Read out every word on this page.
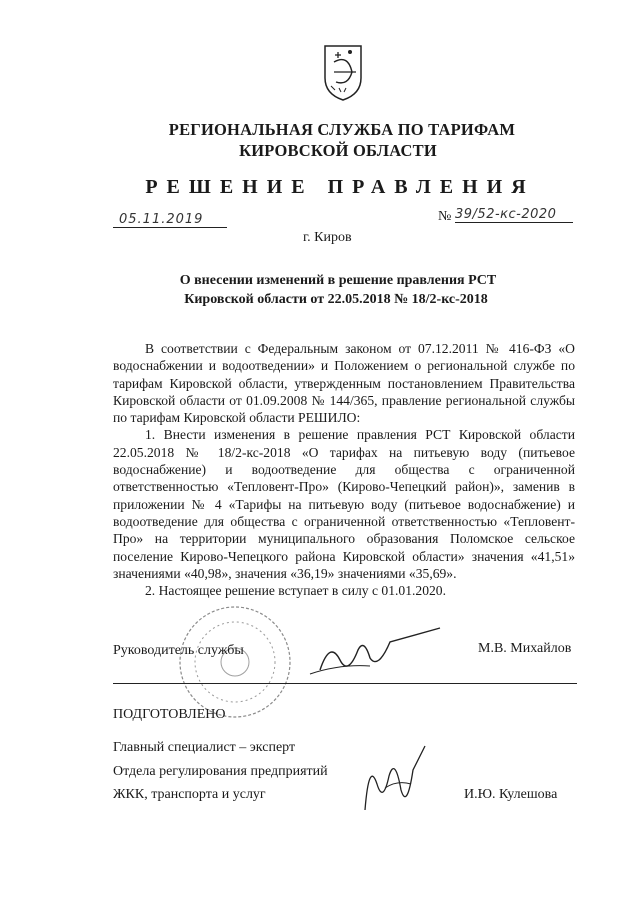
РЕГИОНАЛЬНАЯ СЛУЖБА ПО ТАРИФАМ
КИРОВСКОЙ ОБЛАСТИ
РЕШЕНИЕ ПРАВЛЕНИЯ
05.11.2019	№ 39/52-кс-2020
г. Киров
О внесении изменений в решение правления РСТ
Кировской области от 22.05.2018 № 18/2-кс-2018

В соответствии с Федеральным законом от 07.12.2011 № 416-ФЗ «О водоснабжении и водоотведении» и Положением о региональной службе по тарифам Кировской области, утвержденным постановлением Правительства Кировской области от 01.09.2008 № 144/365, правление региональной службы по тарифам Кировской области РЕШИЛО:

1. Внести изменения в решение правления РСТ Кировской области 22.05.2018 № 18/2-кс-2018 «О тарифах на питьевую воду (питьевое водоснабжение) и водоотведение для общества с ограниченной ответственностью «Тепловент-Про» (Кирово-Чепецкий район)», заменив в приложении № 4 «Тарифы на питьевую воду (питьевое водоснабжение) и водоотведение для общества с ограниченной ответственностью «Тепловент-Про» на территории муниципального образования Поломское сельское поселение Кирово-Чепецкого района Кировской области» значения «41,51» значениями «40,98», значения «36,19» значениями «35,69».

2. Настоящее решение вступает в силу с 01.01.2020.

Руководитель службы	М.В. Михайлов
ПОДГОТОВЛЕНО
Главный специалист – эксперт
Отдела регулирования предприятий
ЖКК, транспорта и услуг	И.Ю. Кулешова
